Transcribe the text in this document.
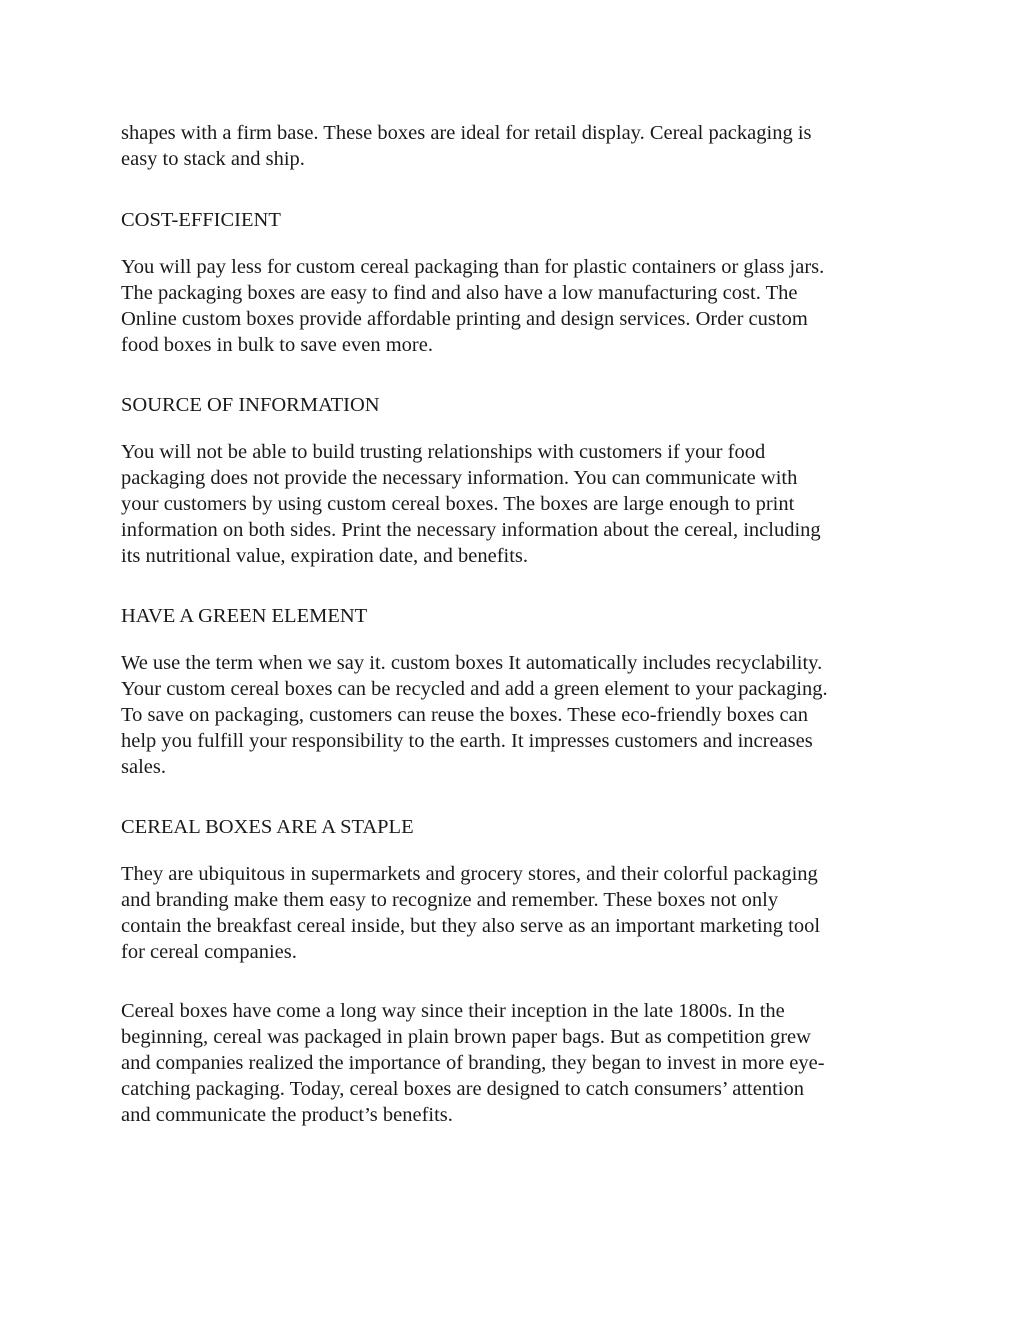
shapes with a firm base. These boxes are ideal for retail display. Cereal packaging is

easy to stack and ship.

COST-EFFICIENT

You will pay less for custom cereal packaging than for plastic containers or glass jars.

The packaging boxes are easy to find and also have a low manufacturing cost. The

Online custom boxes provide affordable printing and design services. Order custom

food boxes in bulk to save even more.

SOURCE OF INFORMATION

You will not be able to build trusting relationships with customers if your food

packaging does not provide the necessary information. You can communicate with

your customers by using custom cereal boxes. The boxes are large enough to print

information on both sides. Print the necessary information about the cereal, including

its nutritional value, expiration date, and benefits.

HAVE A GREEN ELEMENT

We use the term when we say it. custom boxes It automatically includes recyclability.

Your custom cereal boxes can be recycled and add a green element to your packaging.

To save on packaging, customers can reuse the boxes. These eco-friendly boxes can

help you fulfill your responsibility to the earth. It impresses customers and increases

sales.

CEREAL BOXES ARE A STAPLE

They are ubiquitous in supermarkets and grocery stores, and their colorful packaging

and branding make them easy to recognize and remember. These boxes not only

contain the breakfast cereal inside, but they also serve as an important marketing tool

for cereal companies.

Cereal boxes have come a long way since their inception in the late 1800s. In the

beginning, cereal was packaged in plain brown paper bags. But as competition grew

and companies realized the importance of branding, they began to invest in more eye-

catching packaging. Today, cereal boxes are designed to catch consumers’ attention

and communicate the product’s benefits.
